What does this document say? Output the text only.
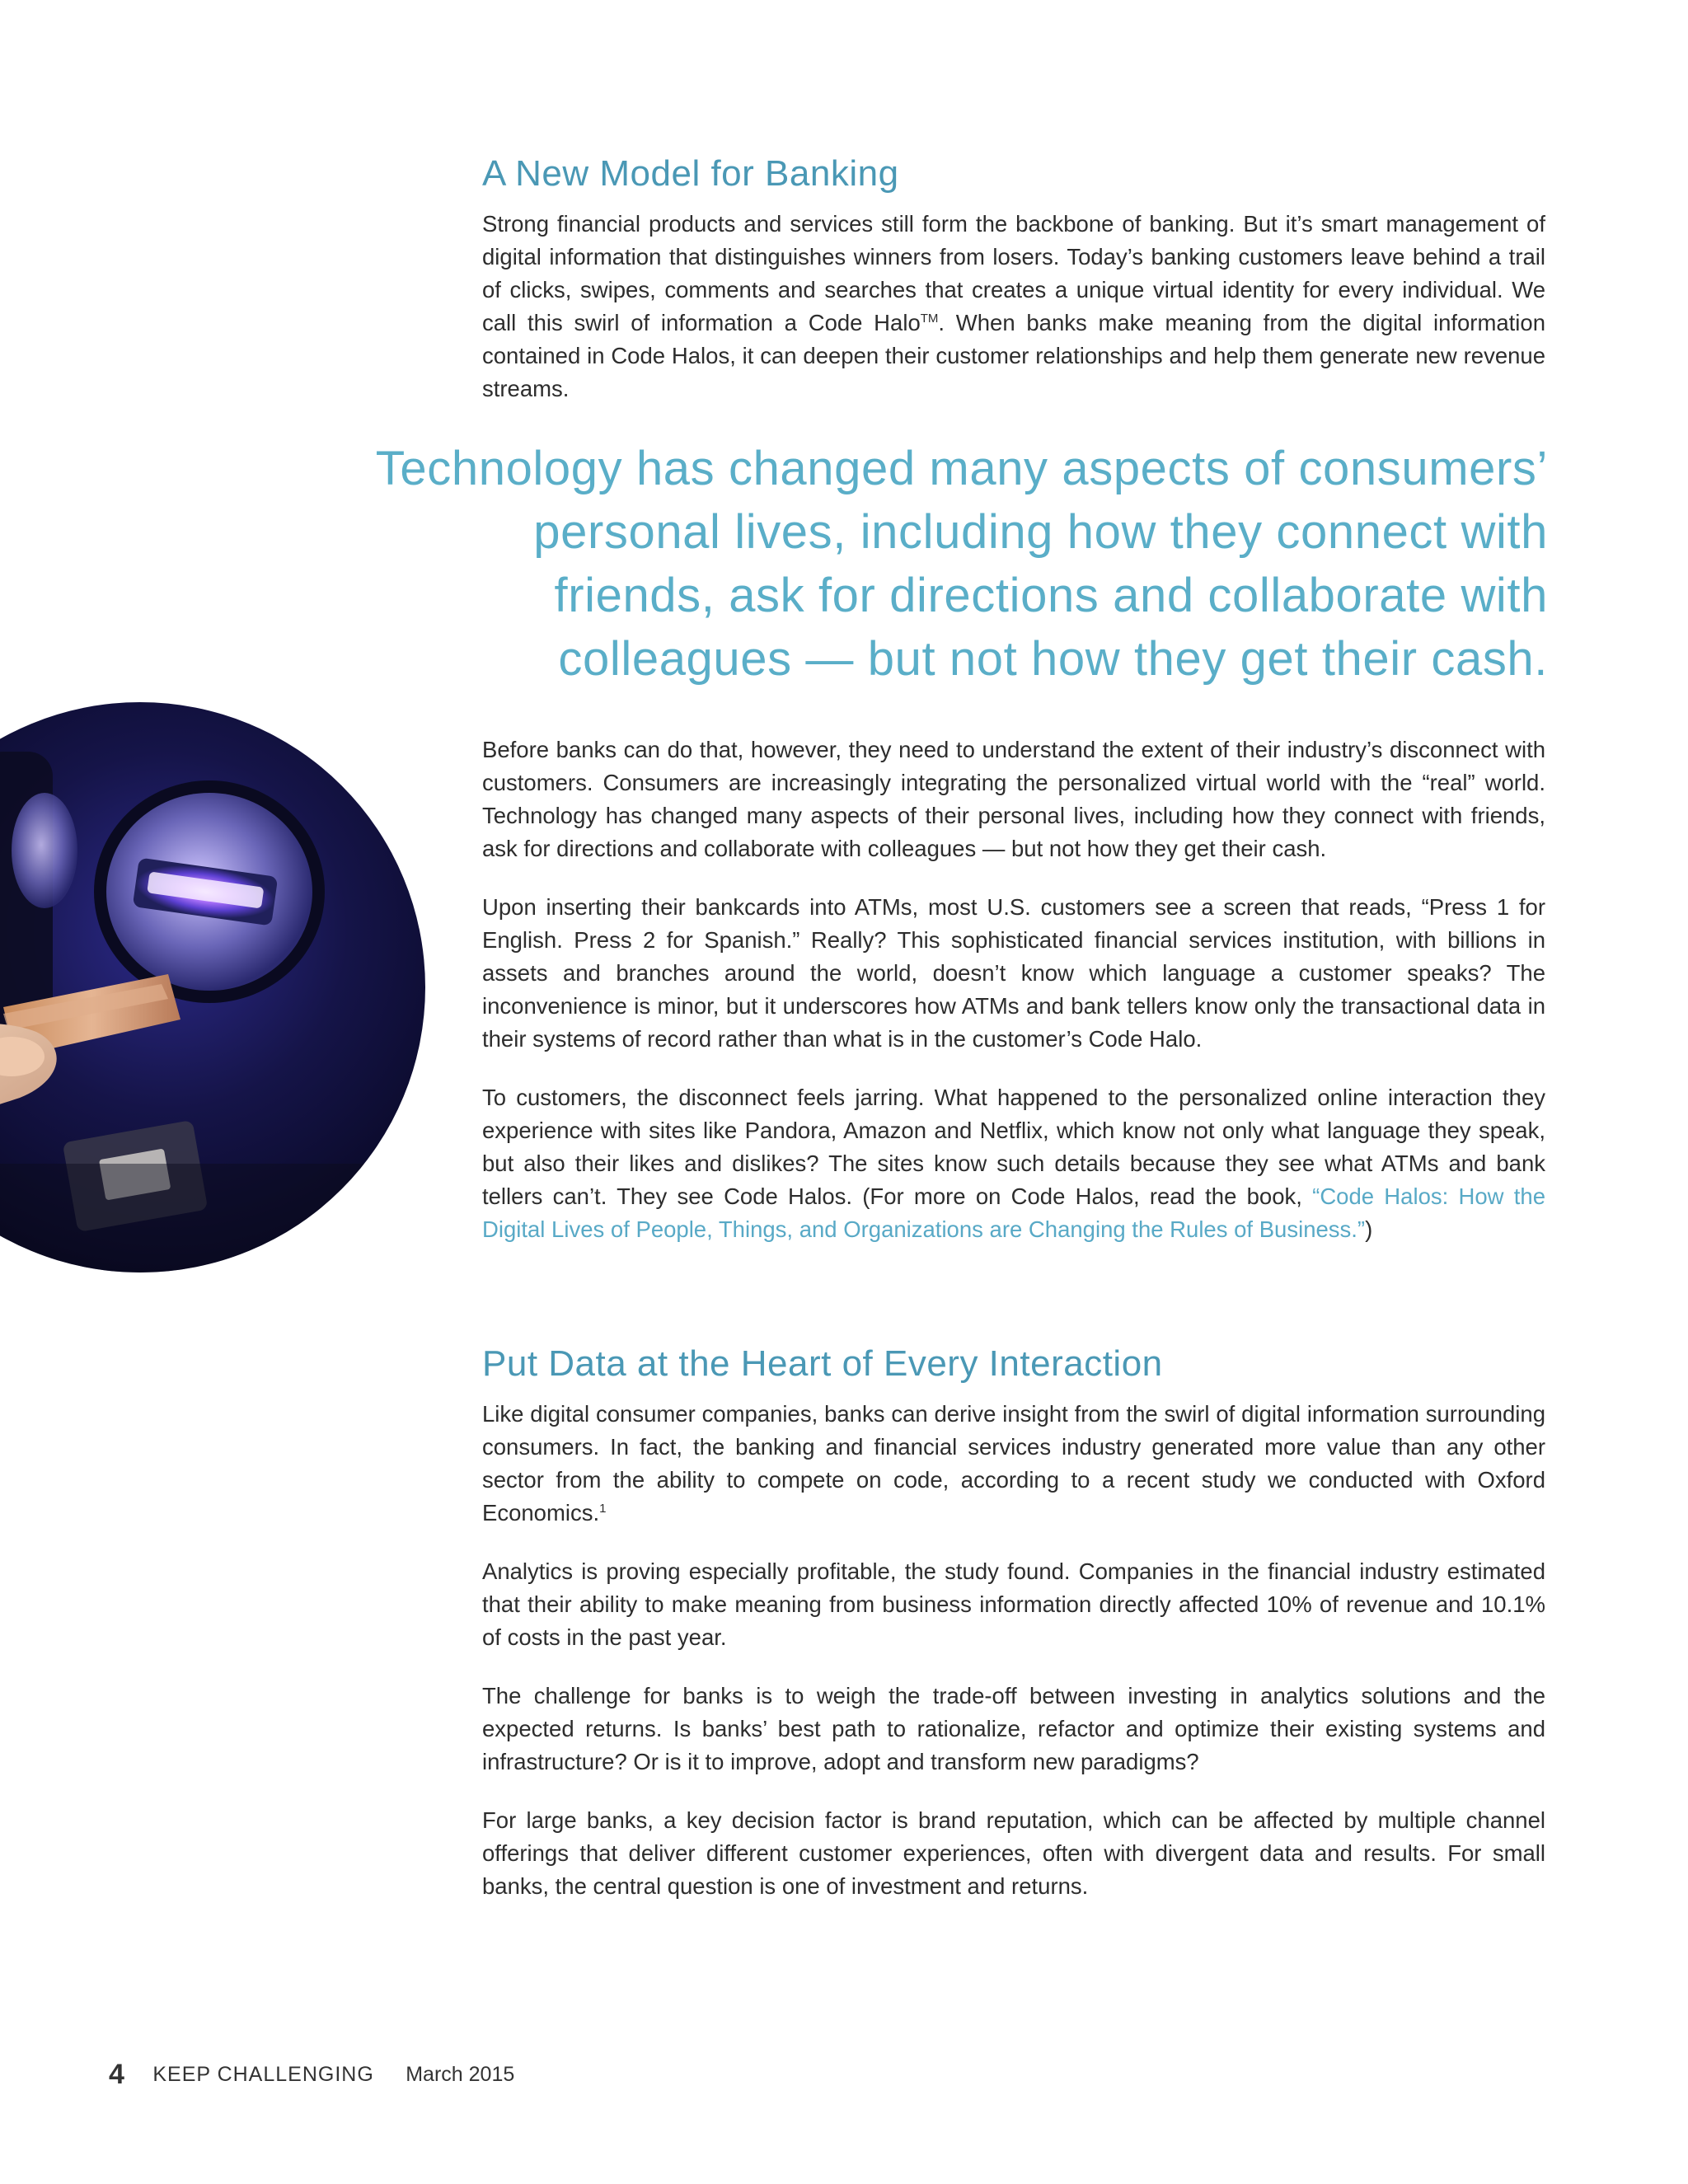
A New Model for Banking

Strong financial products and services still form the backbone of banking. But it’s smart management of digital information that distinguishes winners from losers. Today’s banking customers leave behind a trail of clicks, swipes, comments and searches that creates a unique virtual identity for every individual. We call this swirl of information a Code Halo™. When banks make meaning from the digital information contained in Code Halos, it can deepen their customer relationships and help them generate new revenue streams.

Technology has changed many aspects of consumers’
personal lives, including how they connect with
friends, ask for directions and collaborate with
colleagues — but not how they get their cash.

Before banks can do that, however, they need to understand the extent of their industry’s disconnect with customers. Consumers are increasingly integrating the personalized virtual world with the “real” world. Technology has changed many aspects of their personal lives, including how they connect with friends, ask for directions and collaborate with colleagues — but not how they get their cash.

Upon inserting their bankcards into ATMs, most U.S. customers see a screen that reads, “Press 1 for English. Press 2 for Spanish.” Really? This sophisticated financial services institution, with billions in assets and branches around the world, doesn’t know which language a customer speaks? The inconvenience is minor, but it underscores how ATMs and bank tellers know only the transactional data in their systems of record rather than what is in the customer’s Code Halo.

To customers, the disconnect feels jarring. What happened to the personalized online interaction they experience with sites like Pandora, Amazon and Netflix, which know not only what language they speak, but also their likes and dislikes? The sites know such details because they see what ATMs and bank tellers can’t. They see Code Halos. (For more on Code Halos, read the book, “Code Halos: How the Digital Lives of People, Things, and Organizations are Changing the Rules of Business.”)

Put Data at the Heart of Every Interaction

Like digital consumer companies, banks can derive insight from the swirl of digital information surrounding consumers. In fact, the banking and financial services industry generated more value than any other sector from the ability to compete on code, according to a recent study we conducted with Oxford Economics.$^1$

Analytics is proving especially profitable, the study found. Companies in the financial industry estimated that their ability to make meaning from business information directly affected 10% of revenue and 10.1% of costs in the past year.

The challenge for banks is to weigh the trade-off between investing in analytics solutions and the expected returns. Is banks’ best path to rationalize, refactor and optimize their existing systems and infrastructure? Or is it to improve, adopt and transform new paradigms?

For large banks, a key decision factor is brand reputation, which can be affected by multiple channel offerings that deliver different customer experiences, often with divergent data and results. For small banks, the central question is one of investment and returns.

4 KEEP CHALLENGING March 2015
